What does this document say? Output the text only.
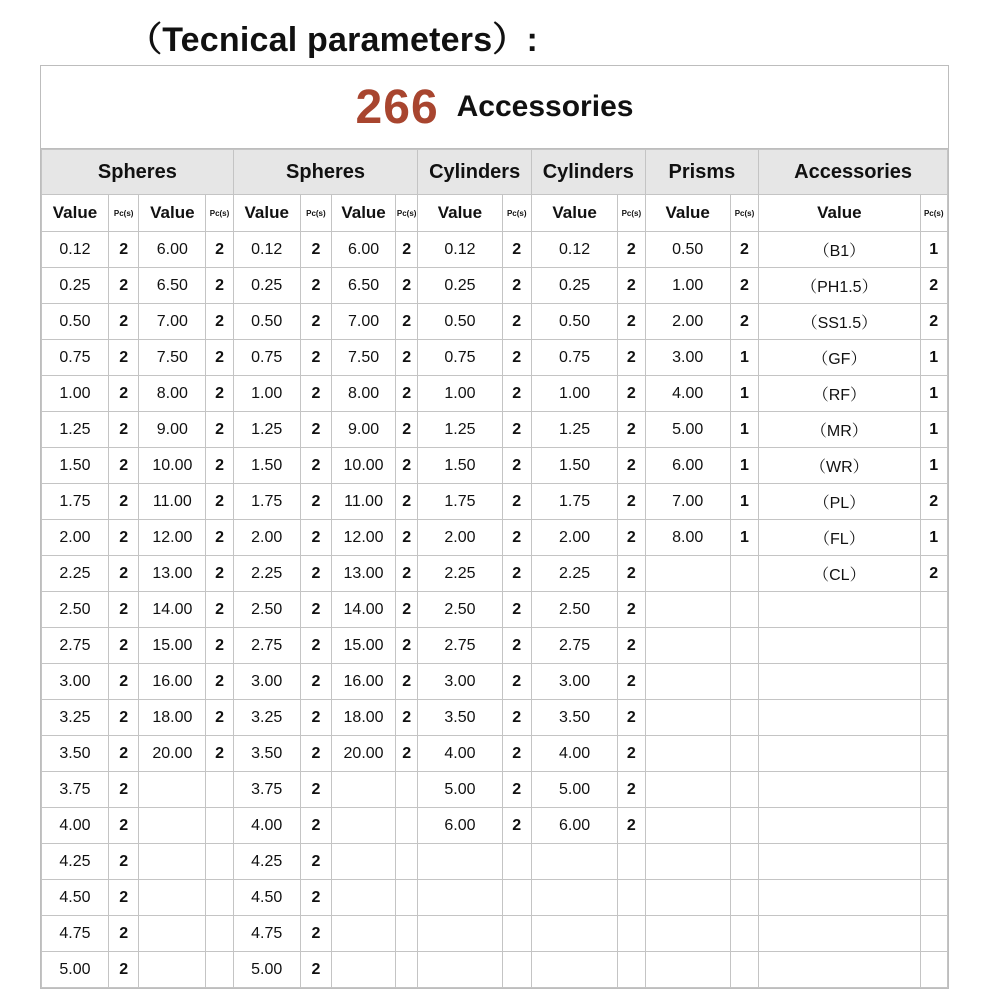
（Tecnical parameters）:
266 Accessories
Spheres				Spheres				Cylinders		Cylinders		Prisms		Accessories	
Value	Pc(s)	Value	Pc(s)	Value	Pc(s)	Value	Pc(s)	Value	Pc(s)	Value	Pc(s)	Value	Pc(s)	Value	Pc(s)
0.12	2	6.00	2	0.12	2	6.00	2	0.12	2	0.12	2	0.50	2	（B1）	1
0.25	2	6.50	2	0.25	2	6.50	2	0.25	2	0.25	2	1.00	2	（PH1.5）	2
0.50	2	7.00	2	0.50	2	7.00	2	0.50	2	0.50	2	2.00	2	（SS1.5）	2
0.75	2	7.50	2	0.75	2	7.50	2	0.75	2	0.75	2	3.00	1	（GF）	1
1.00	2	8.00	2	1.00	2	8.00	2	1.00	2	1.00	2	4.00	1	（RF）	1
1.25	2	9.00	2	1.25	2	9.00	2	1.25	2	1.25	2	5.00	1	（MR）	1
1.50	2	10.00	2	1.50	2	10.00	2	1.50	2	1.50	2	6.00	1	（WR）	1
1.75	2	11.00	2	1.75	2	11.00	2	1.75	2	1.75	2	7.00	1	（PL）	2
2.00	2	12.00	2	2.00	2	12.00	2	2.00	2	2.00	2	8.00	1	（FL）	1
2.25	2	13.00	2	2.25	2	13.00	2	2.25	2	2.25	2			（CL）	2
2.50	2	14.00	2	2.50	2	14.00	2	2.50	2	2.50	2				
2.75	2	15.00	2	2.75	2	15.00	2	2.75	2	2.75	2				
3.00	2	16.00	2	3.00	2	16.00	2	3.00	2	3.00	2				
3.25	2	18.00	2	3.25	2	18.00	2	3.50	2	3.50	2				
3.50	2	20.00	2	3.50	2	20.00	2	4.00	2	4.00	2				
3.75	2			3.75	2			5.00	2	5.00	2				
4.00	2			4.00	2			6.00	2	6.00	2				
4.25	2			4.25	2										
4.50	2			4.50	2										
4.75	2			4.75	2										
5.00	2			5.00	2										
